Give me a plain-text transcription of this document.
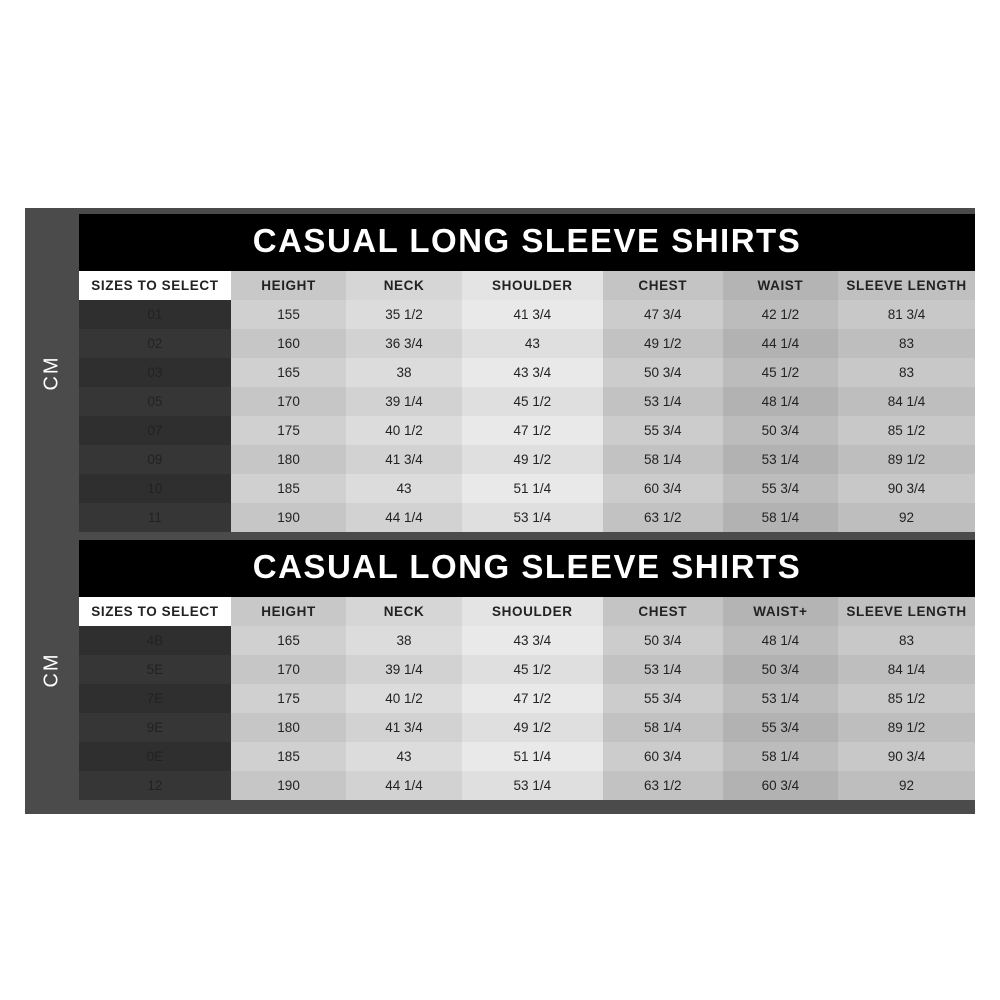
CM
CASUAL LONG SLEEVE SHIRTS
SIZES TO SELECT	HEIGHT	NECK	SHOULDER	CHEST	WAIST	SLEEVE LENGTH
01	155	35 1/2	41 3/4	47 3/4	42 1/2	81 3/4
02	160	36 3/4	43	49 1/2	44 1/4	83
03	165	38	43 3/4	50 3/4	45 1/2	83
05	170	39 1/4	45 1/2	53 1/4	48 1/4	84 1/4
07	175	40 1/2	47 1/2	55 3/4	50 3/4	85 1/2
09	180	41 3/4	49 1/2	58 1/4	53 1/4	89 1/2
10	185	43	51 1/4	60 3/4	55 3/4	90 3/4
11	190	44 1/4	53 1/4	63 1/2	58 1/4	92
CM
CASUAL LONG SLEEVE SHIRTS
SIZES TO SELECT	HEIGHT	NECK	SHOULDER	CHEST	WAIST+	SLEEVE LENGTH
4B	165	38	43 3/4	50 3/4	48 1/4	83
5E	170	39 1/4	45 1/2	53 1/4	50 3/4	84 1/4
7E	175	40 1/2	47 1/2	55 3/4	53 1/4	85 1/2
9E	180	41 3/4	49 1/2	58 1/4	55 3/4	89 1/2
0E	185	43	51 1/4	60 3/4	58 1/4	90 3/4
12	190	44 1/4	53 1/4	63 1/2	60 3/4	92
